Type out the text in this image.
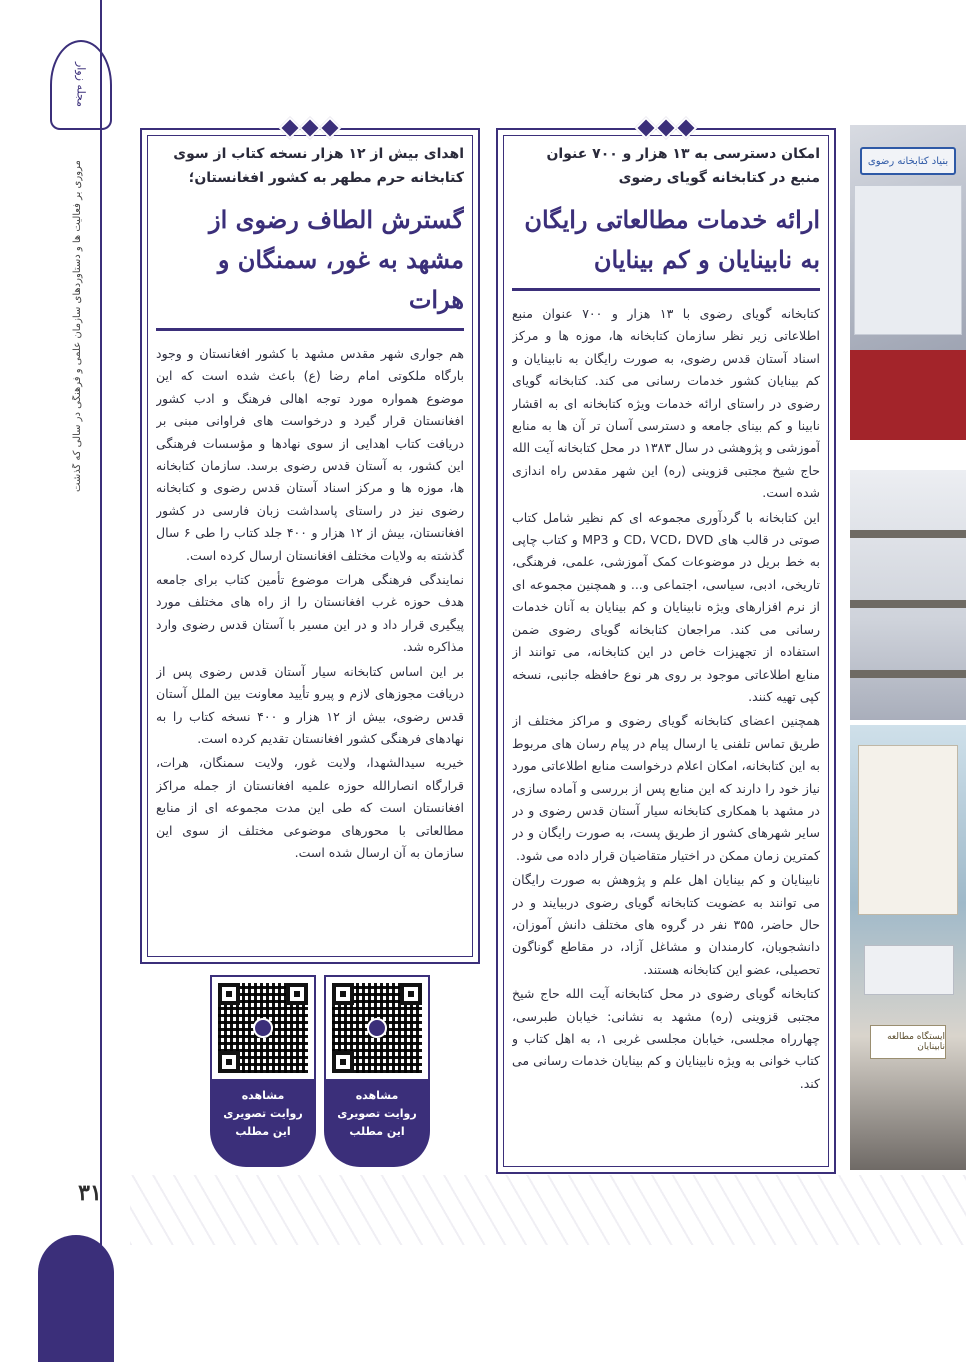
مجله زوار
مروری بر فعالیت ها و دستاوردهای سازمان علمی و فرهنگی در سالی که گذشت
۳۱
امکان دسترسی به ۱۳ هزار و ۷۰۰ عنوان منبع در کتابخانه گویای رضوی
ارائه خدمات مطالعاتی رایگان به نابینایان و کم بینایان

کتابخانه گویای رضوی با ۱۳ هزار و ۷۰۰ عنوان منبع اطلاعاتی زیر نظر سازمان کتابخانه ها، موزه ها و مرکز اسناد آستان قدس رضوی، به صورت رایگان به نابینایان و کم بینایان کشور خدمات رسانی می کند. کتابخانه گویای رضوی در راستای ارائه خدمات ویژه کتابخانه ای به اقشار نابینا و کم بینای جامعه و دسترسی آسان تر آن ها به منابع آموزشی و پژوهشی در سال ۱۳۸۳ در محل کتابخانه آیت الله حاج شیخ مجتبی قزوینی (ره) این شهر مقدس راه اندازی شده است.

این کتابخانه با گردآوری مجموعه ای کم نظیر شامل کتاب صوتی در قالب های CD، VCD، DVD و MP3 و کتاب چاپی به خط بریل در موضوعات کمک آموزشی، علمی، فرهنگی، تاریخی، ادبی، سیاسی، اجتماعی و... و همچنین مجموعه ای از نرم افزارهای ویژه نابینایان و کم بینایان به آنان خدمات رسانی می کند. مراجعان کتابخانه گویای رضوی ضمن استفاده از تجهیزات خاص در این کتابخانه، می توانند از منابع اطلاعاتی موجود بر روی هر نوع حافظه جانبی، نسخه کپی تهیه کنند.

همچنین اعضای کتابخانه گویای رضوی و مراکز مختلف از طریق تماس تلفنی یا ارسال پیام در پیام رسان های مربوط به این کتابخانه، امکان اعلام درخواست منابع اطلاعاتی مورد نیاز خود را دارند که این منابع پس از بررسی و آماده سازی، در مشهد با همکاری کتابخانه سیار آستان قدس رضوی و در سایر شهرهای کشور از طریق پست، به صورت رایگان و در کمترین زمان ممکن در اختیار متقاضیان قرار داده می شود.

نابینایان و کم بینایان اهل علم و پژوهش به صورت رایگان می توانند به عضویت کتابخانه گویای رضوی دربیایند و در حال حاضر، ۳۵۵ نفر در گروه های مختلف دانش آموزان، دانشجویان، کارمندان و مشاغل آزاد، در مقاطع گوناگون تحصیلی، عضو این کتابخانه هستند.

کتابخانه گویای رضوی در محل کتابخانه آیت الله حاج شیخ مجتبی قزوینی (ره) مشهد به نشانی: خیابان طبرسی، چهارراه مجلسی، خیابان مجلسی غربی ۱، به اهل کتاب و کتاب خوانی به ویژه نابینایان و کم بینایان خدمات رسانی می کند.

اهدای بیش از ۱۲ هزار نسخه کتاب از سوی کتابخانه حرم مطهر به کشور افغانستان؛
گسترش الطاف رضوی از مشهد به غور، سمنگان و هرات

هم جواری شهر مقدس مشهد با کشور افغانستان و وجود بارگاه ملکوتی امام رضا (ع) باعث شده است که این موضوع همواره مورد توجه اهالی فرهنگ و ادب کشور افغانستان قرار گیرد و درخواست های فراوانی مبنی بر دریافت کتاب اهدایی از سوی نهادها و مؤسسات فرهنگی این کشور، به آستان قدس رضوی برسد. سازمان کتابخانه ها، موزه ها و مرکز اسناد آستان قدس رضوی و کتابخانه رضوی نیز در راستای پاسداشت زبان فارسی در کشور افغانستان، بیش از ۱۲ هزار و ۴۰۰ جلد کتاب را طی ۶ سال گذشته به ولایات مختلف افغانستان ارسال کرده است.

نمایندگی فرهنگی هرات موضوع تأمین کتاب برای جامعه هدف حوزه غرب افغانستان را از راه های مختلف مورد پیگیری قرار داد و در این مسیر با آستان قدس رضوی وارد مذاکره شد.

بر این اساس کتابخانه سیار آستان قدس رضوی پس از دریافت مجوزهای لازم و پیرو تأیید معاونت بین الملل آستان قدس رضوی، بیش از ۱۲ هزار و ۴۰۰ نسخه کتاب را به نهادهای فرهنگی کشور افغانستان تقدیم کرده است.

خیریه سیدالشهدا، ولایت غور، ولایت سمنگان، هرات، قرارگاه انصارالله حوزه علمیه افغانستان از جمله مراکز افغانستان است که طی این مدت مجموعه ای از منابع مطالعاتی با محورهای موضوعی مختلف از سوی این سازمان به آن ارسال شده است.

مشاهده
روایت تصویری
این مطلب
مشاهده
روایت تصویری
این مطلب
بنیاد کتابخانه رضوی
ایستگاه مطالعه نابینایان
